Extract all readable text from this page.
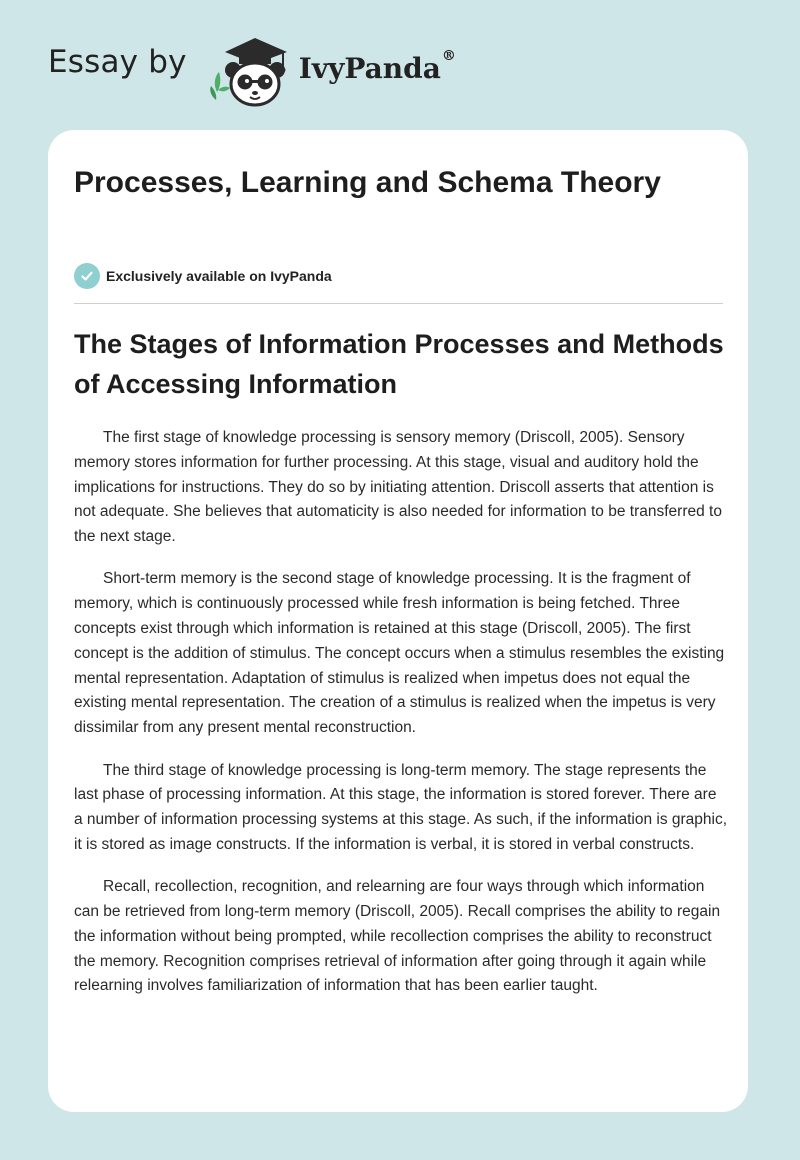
Essay by	IvyPanda®
Processes, Learning and Schema Theory
Exclusively available on IvyPanda
The Stages of Information Processes and Methods of Accessing Information

The first stage of knowledge processing is sensory memory (Driscoll, 2005). Sensory memory stores information for further processing. At this stage, visual and auditory hold the implications for instructions. They do so by initiating attention. Driscoll asserts that attention is not adequate. She believes that automaticity is also needed for information to be transferred to the next stage.

Short-term memory is the second stage of knowledge processing. It is the fragment of memory, which is continuously processed while fresh information is being fetched. Three concepts exist through which information is retained at this stage (Driscoll, 2005). The first concept is the addition of stimulus. The concept occurs when a stimulus resembles the existing mental representation. Adaptation of stimulus is realized when impetus does not equal the existing mental representation. The creation of a stimulus is realized when the impetus is very dissimilar from any present mental reconstruction.

The third stage of knowledge processing is long-term memory. The stage represents the last phase of processing information. At this stage, the information is stored forever. There are a number of information processing systems at this stage. As such, if the information is graphic, it is stored as image constructs. If the information is verbal, it is stored in verbal constructs.

Recall, recollection, recognition, and relearning are four ways through which information can be retrieved from long-term memory (Driscoll, 2005). Recall comprises the ability to regain the information without being prompted, while recollection comprises the ability to reconstruct the memory. Recognition comprises retrieval of information after going through it again while relearning involves familiarization of information that has been earlier taught.
